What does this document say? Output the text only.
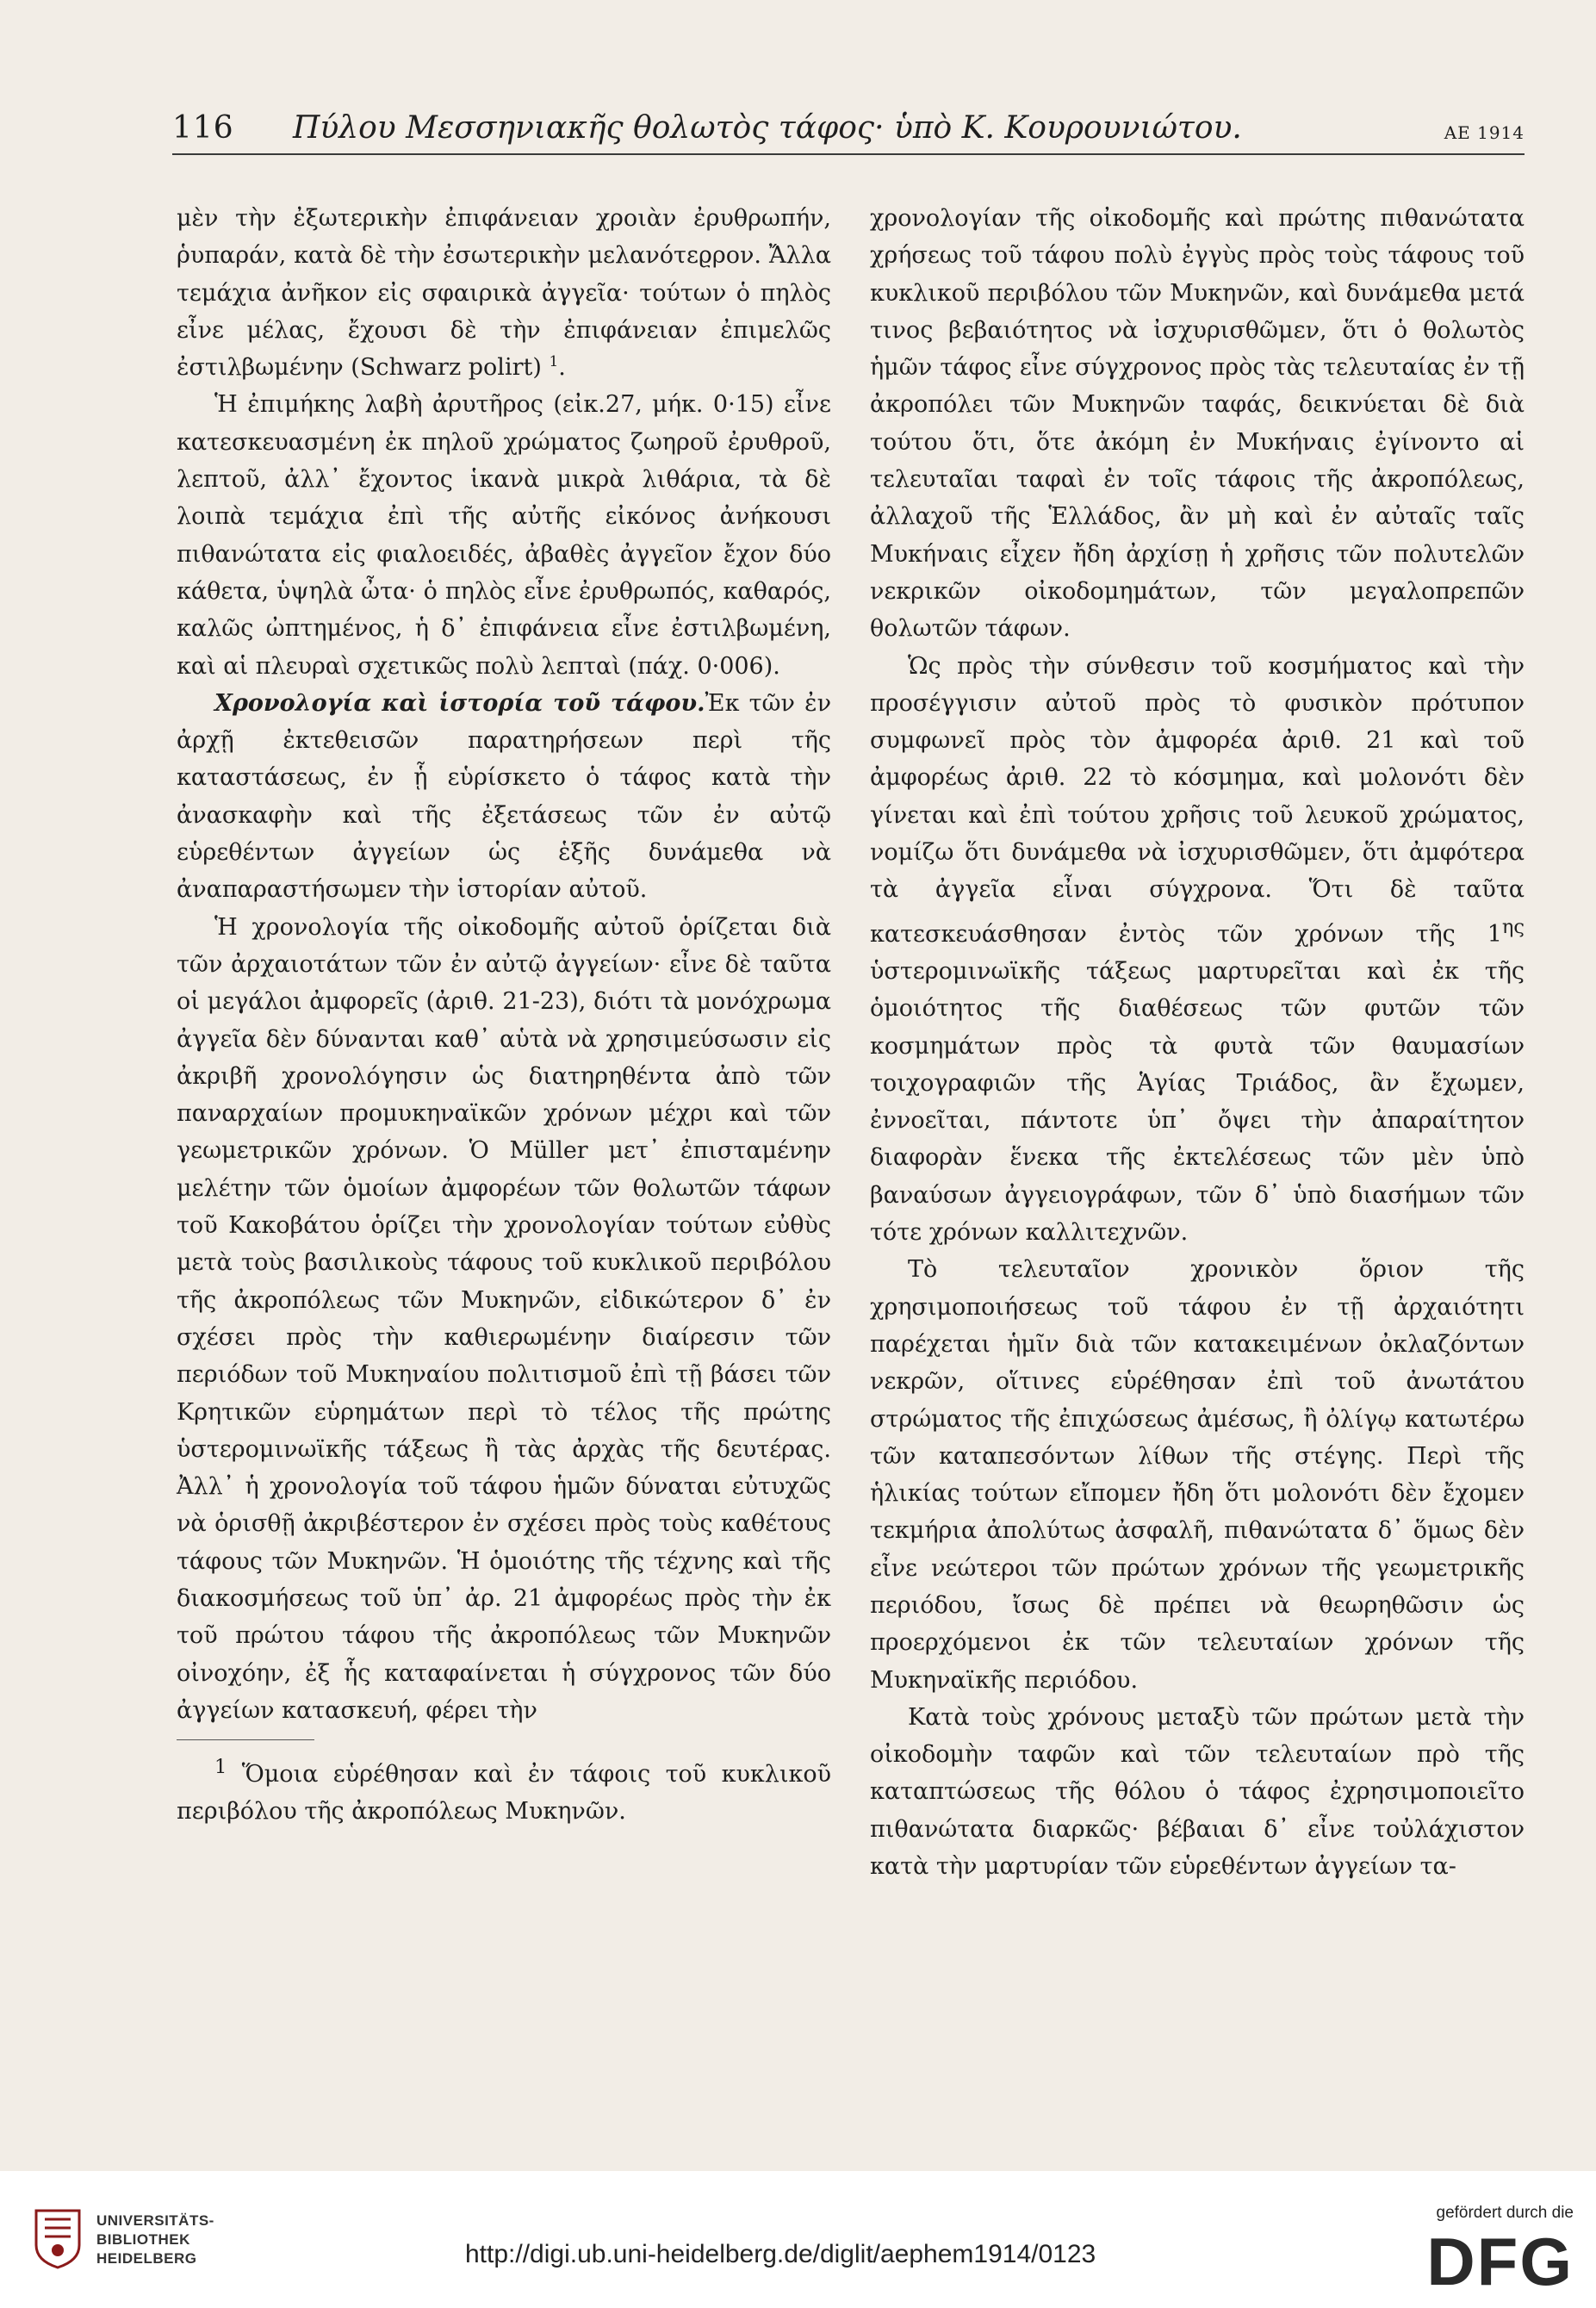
116 Πύλου Μεσσηνιακῆς θολωτὸς τάφος· ὑπὸ Κ. Κουρουνιώτου.	ΑΕ 1914

μὲν τὴν ἐξωτερικὴν ἐπιφάνειαν χροιὰν ἐρυθρωπήν, ῥυπαράν, κατὰ δὲ τὴν ἐσωτερικὴν μελανότεϱρον. Ἄλλα τεμάχια ἀνῆκον εἰς σφαιρικὰ ἀγγεῖα· τούτων ὁ πηλὸς εἶνε μέλας, ἔχουσι δὲ τὴν ἐπιφάνειαν ἐπιμελῶς ἐστιλβωμένην (Schwarz polirt) $^1$.

Ἡ ἐπιμήκης λαβὴ ἀρυτῆρος (εἰκ.27, μήκ. 0·15) εἶνε κατεσκευασμένη ἐκ πηλοῦ χρώματος ζωηροῦ ἐρυθροῦ, λεπτοῦ, ἀλλ᾽ ἔχοντος ἱκανὰ μικρὰ λιθάρια, τὰ δὲ λοιπὰ τεμάχια ἐπὶ τῆς αὐτῆς εἰκόνος ἀνήκουσι πιθανώτατα εἰς φιαλοειδές, ἀβαθὲς ἀγγεῖον ἔχον δύο κάθετα, ὑψηλὰ ὦτα· ὁ πηλὸς εἶνε ἐρυθρωπός, καθαρός, καλῶς ὠπτημένος, ἡ δ᾽ ἐπιφάνεια εἶνε ἐστιλβωμένη, καὶ αἱ πλευραὶ σχετικῶς πολὺ λεπταὶ (πάχ. 0·006).

Χρονολογία καὶ ἱστορία τοῦ τάφου.Ἐκ τῶν ἐν ἀρχῇ ἐκτεθεισῶν παρατηρήσεων περὶ τῆς καταστάσεως, ἐν ᾗ εὑρίσκετο ὁ τάφος κατὰ τὴν ἀνασκαφὴν καὶ τῆς ἐξετάσεως τῶν ἐν αὐτῷ εὑρεθέντων ἀγγείων ὡς ἑξῆς δυνάμεθα νὰ ἀναπαραστήσωμεν τὴν ἱστορίαν αὐτοῦ.

Ἡ χρονολογία τῆς οἰκοδομῆς αὐτοῦ ὁρίζεται διὰ τῶν ἀρχαιοτάτων τῶν ἐν αὐτῷ ἀγγείων· εἶνε δὲ ταῦτα οἱ μεγάλοι ἀμφορεῖς (ἀριθ. 21-23), διότι τὰ μονόχρωμα ἀγγεῖα δὲν δύνανται καθ᾽ αὑτὰ νὰ χρησιμεύσωσιν εἰς ἀκριβῆ χρονολόγησιν ὡς διατηρηθέντα ἀπὸ τῶν παναρχαίων προμυκηναϊκῶν χρόνων μέχρι καὶ τῶν γεωμετρικῶν χρόνων. Ὁ Müller μετ᾽ ἐπισταμένην μελέτην τῶν ὁμοίων ἀμφορέων τῶν θολωτῶν τάφων τοῦ Κακοβάτου ὁρίζει τὴν χρονολογίαν τούτων εὐθὺς μετὰ τοὺς βασιλικοὺς τάφους τοῦ κυκλικοῦ περιβόλου τῆς ἀκροπόλεως τῶν Μυκηνῶν, εἰδικώτερον δ᾽ ἐν σχέσει πρὸς τὴν καθιερωμένην διαίρεσιν τῶν περιόδων τοῦ Μυκηναίου πολιτισμοῦ ἐπὶ τῇ βάσει τῶν Κρητικῶν εὑρημάτων περὶ τὸ τέλος τῆς πρώτης ὑστερομινωϊκῆς τάξεως ἢ τὰς ἀρχὰς τῆς δευτέρας. Ἀλλ᾽ ἡ χρονολογία τοῦ τάφου ἡμῶν δύναται εὐτυχῶς νὰ ὁρισθῇ ἀκριβέστερον ἐν σχέσει πρὸς τοὺς καθέτους τάφους τῶν Μυκηνῶν. Ἡ ὁμοιότης τῆς τέχνης καὶ τῆς διακοσμήσεως τοῦ ὑπ᾽ ἀρ. 21 ἀμφορέως πρὸς τὴν ἐκ τοῦ πρώτου τάφου τῆς ἀκροπόλεως τῶν Μυκηνῶν οἰνοχόην, ἐξ ἧς καταφαίνεται ἡ σύγχρονος τῶν δύο ἀγγείων κατασκευή, φέρει τὴν

$^1$ Ὅμοια εὑρέθησαν καὶ ἐν τάφοις τοῦ κυκλικοῦ περιβόλου τῆς ἀκροπόλεως Μυκηνῶν.

χρονολογίαν τῆς οἰκοδομῆς καὶ πρώτης πιθανώτατα χρήσεως τοῦ τάφου πολὺ ἐγγὺς πρὸς τοὺς τάφους τοῦ κυκλικοῦ περιβόλου τῶν Μυκηνῶν, καὶ δυνάμεθα μετά τινος βεβαιότητος νὰ ἰσχυρισθῶμεν, ὅτι ὁ θολωτὸς ἡμῶν τάφος εἶνε σύγχρονος πρὸς τὰς τελευταίας ἐν τῇ ἀκροπόλει τῶν Μυκηνῶν ταφάς, δεικνύεται δὲ διὰ τούτου ὅτι, ὅτε ἀκόμη ἐν Μυκήναις ἐγίνοντο αἱ τελευταῖαι ταφαὶ ἐν τοῖς τάφοις τῆς ἀκροπόλεως, ἀλλαχοῦ τῆς Ἑλλάδος, ἂν μὴ καὶ ἐν αὐταῖς ταῖς Μυκήναις εἶχεν ἤδη ἀρχίσῃ ἡ χρῆσις τῶν πολυτελῶν νεκρικῶν οἰκοδομημάτων, τῶν μεγαλοπρεπῶν θολωτῶν τάφων.

Ὡς πρὸς τὴν σύνθεσιν τοῦ κοσμήματος καὶ τὴν προσέγγισιν αὐτοῦ πρὸς τὸ φυσικὸν πρότυπον συμφωνεῖ πρὸς τὸν ἀμφορέα ἀριθ. 21 καὶ τοῦ ἀμφορέως ἀριθ. 22 τὸ κόσμημα, καὶ μολονότι δὲν γίνεται καὶ ἐπὶ τούτου χρῆσις τοῦ λευκοῦ χρώματος, νομίζω ὅτι δυνάμεθα νὰ ἰσχυρισθῶμεν, ὅτι ἀμφότερα τὰ ἀγγεῖα εἶναι σύγχρονα. Ὅτι δὲ ταῦτα κατεσκευάσθησαν ἐντὸς τῶν χρόνων τῆς $1^{\eta\varsigma}$ ὑστερομινωϊκῆς τάξεως μαρτυρεῖται καὶ ἐκ τῆς ὁμοιότητος τῆς διαθέσεως τῶν φυτῶν τῶν κοσμημάτων πρὸς τὰ φυτὰ τῶν θαυμασίων τοιχογραφιῶν τῆς Ἁγίας Τριάδος, ἂν ἔχωμεν, ἐννοεῖται, πάντοτε ὑπ᾽ ὄψει τὴν ἀπαραίτητον διαφορὰν ἕνεκα τῆς ἐκτελέσεως τῶν μὲν ὑπὸ βαναύσων ἀγγειογράφων, τῶν δ᾽ ὑπὸ διασήμων τῶν τότε χρόνων καλλιτεχνῶν.

Τὸ τελευταῖον χρονικὸν ὅριον τῆς χρησιμοποιήσεως τοῦ τάφου ἐν τῇ ἀρχαιότητι παρέχεται ἡμῖν διὰ τῶν κατακειμένων ὀκλαζόντων νεκρῶν, οἵτινες εὑρέθησαν ἐπὶ τοῦ ἀνωτάτου στρώματος τῆς ἐπιχώσεως ἀμέσως, ἢ ὀλίγῳ κατωτέρω τῶν καταπεσόντων λίθων τῆς στέγης. Περὶ τῆς ἡλικίας τούτων εἴπομεν ἤδη ὅτι μολονότι δὲν ἔχομεν τεκμήρια ἀπολύτως ἀσφαλῆ, πιθανώτατα δ᾽ ὅμως δὲν εἶνε νεώτεροι τῶν πρώτων χρόνων τῆς γεωμετρικῆς περιόδου, ἴσως δὲ πρέπει νὰ θεωρηθῶσιν ὡς προερχόμενοι ἐκ τῶν τελευταίων χρόνων τῆς Μυκηναϊκῆς περιόδου.

Κατὰ τοὺς χρόνους μεταξὺ τῶν πρώτων μετὰ τὴν οἰκοδομὴν ταφῶν καὶ τῶν τελευταίων πρὸ τῆς καταπτώσεως τῆς θόλου ὁ τάφος ἐχρησιμοποιεῖτο πιθανώτατα διαρκῶς· βέβαιαι δ᾽ εἶνε τοὐλάχιστον κατὰ τὴν μαρτυρίαν τῶν εὑρεθέντων ἀγγείων τα-

UNIVERSITÄTS-
BIBLIOTHEK
HEIDELBERG	http://digi.ub.uni-heidelberg.de/diglit/aephem1914/0123
gefördert durch die
DFG
